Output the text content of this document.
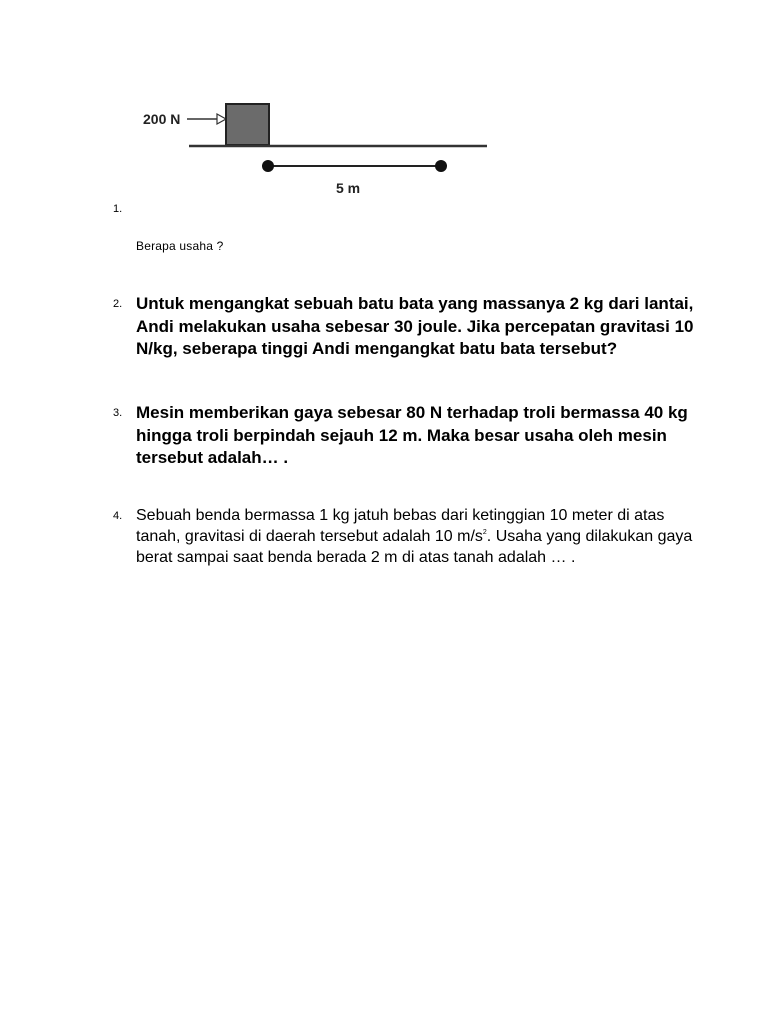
200 N
5 m
1.
Berapa usaha ?
2. Untuk mengangkat sebuah batu bata yang massanya 2 kg dari lantai, Andi melakukan usaha sebesar 30 joule. Jika percepatan gravitasi 10 N/kg, seberapa tinggi Andi mengangkat batu bata tersebut?
3. Mesin memberikan gaya sebesar 80 N terhadap troli bermassa 40 kg hingga troli berpindah sejauh 12 m. Maka besar usaha oleh mesin tersebut adalah… .
4. Sebuah benda bermassa 1 kg jatuh bebas dari ketinggian 10 meter di atas tanah, gravitasi di daerah tersebut adalah 10 $m/s^2$. Usaha yang dilakukan gaya berat sampai saat benda berada 2 m di atas tanah adalah … .
